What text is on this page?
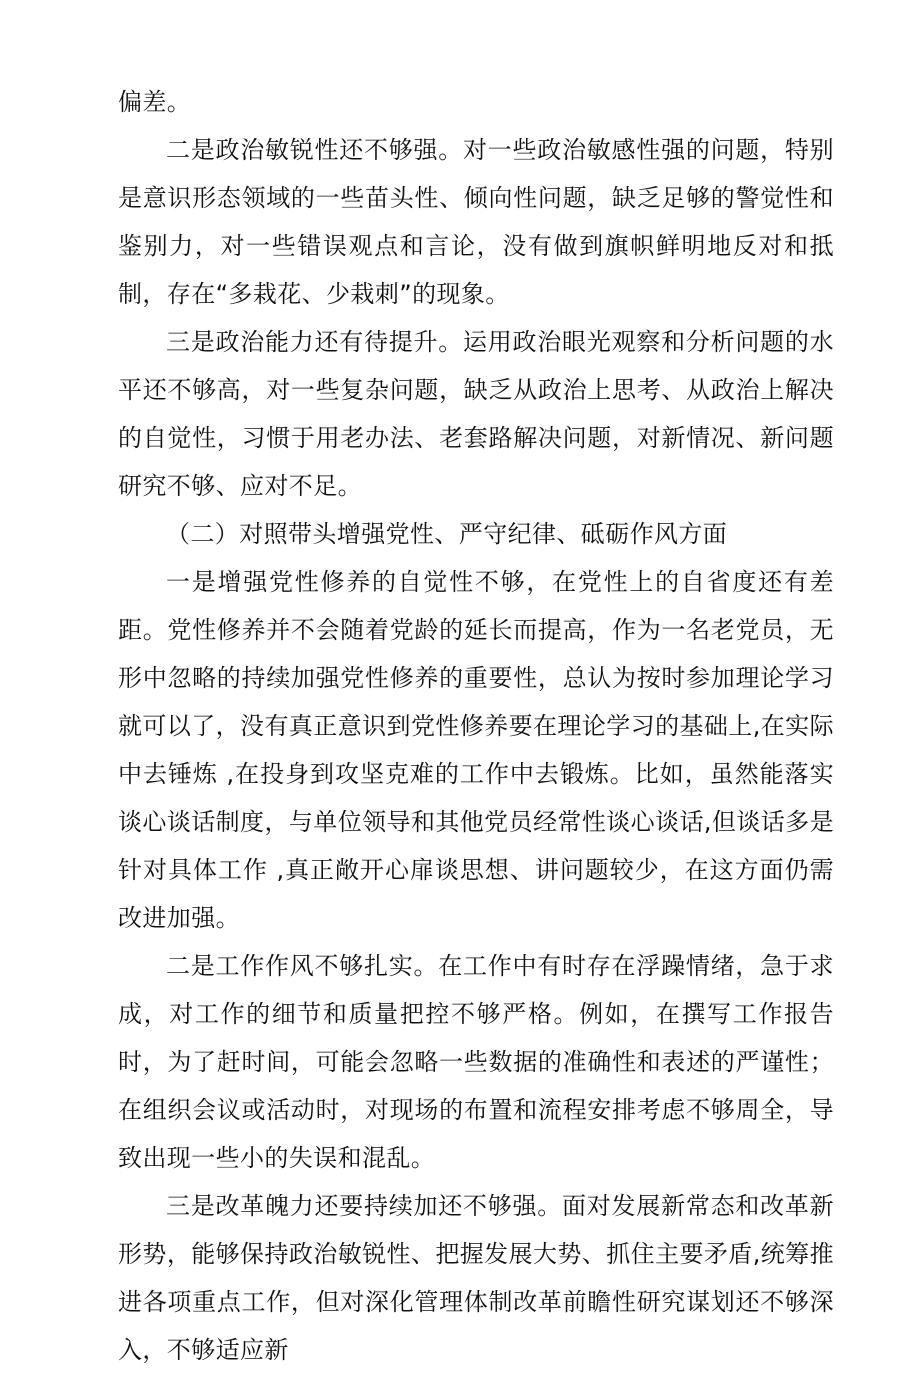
偏差。

二是政治敏锐性还不够强。对一些政治敏感性强的问题，特别是意识形态领域的一些苗头性、倾向性问题，缺乏足够的警觉性和鉴别力，对一些错误观点和言论，没有做到旗帜鲜明地反对和抵制，存在“多栽花、少栽刺”的现象。

三是政治能力还有待提升。运用政治眼光观察和分析问题的水平还不够高，对一些复杂问题，缺乏从政治上思考、从政治上解决的自觉性，习惯于用老办法、老套路解决问题，对新情况、新问题研究不够、应对不足。

（二）对照带头增强党性、严守纪律、砥砺作风方面

一是增强党性修养的自觉性不够，在党性上的自省度还有差距。党性修养并不会随着党龄的延长而提高，作为一名老党员，无形中忽略的持续加强党性修养的重要性，总认为按时参加理论学习就可以了，没有真正意识到党性修养要在理论学习的基础上,在实际中去锤炼 ,在投身到攻坚克难的工作中去锻炼。比如，虽然能落实谈心谈话制度，与单位领导和其他党员经常性谈心谈话,但谈话多是针对具体工作 ,真正敞开心扉谈思想、讲问题较少，在这方面仍需改进加强。

二是工作作风不够扎实。在工作中有时存在浮躁情绪，急于求成，对工作的细节和质量把控不够严格。例如，在撰写工作报告时，为了赶时间，可能会忽略一些数据的准确性和表述的严谨性；在组织会议或活动时，对现场的布置和流程安排考虑不够周全，导致出现一些小的失误和混乱。

三是改革魄力还要持续加还不够强。面对发展新常态和改革新形势，能够保持政治敏锐性、把握发展大势、抓住主要矛盾,统筹推进各项重点工作，但对深化管理体制改革前瞻性研究谋划还不够深入，不够适应新
